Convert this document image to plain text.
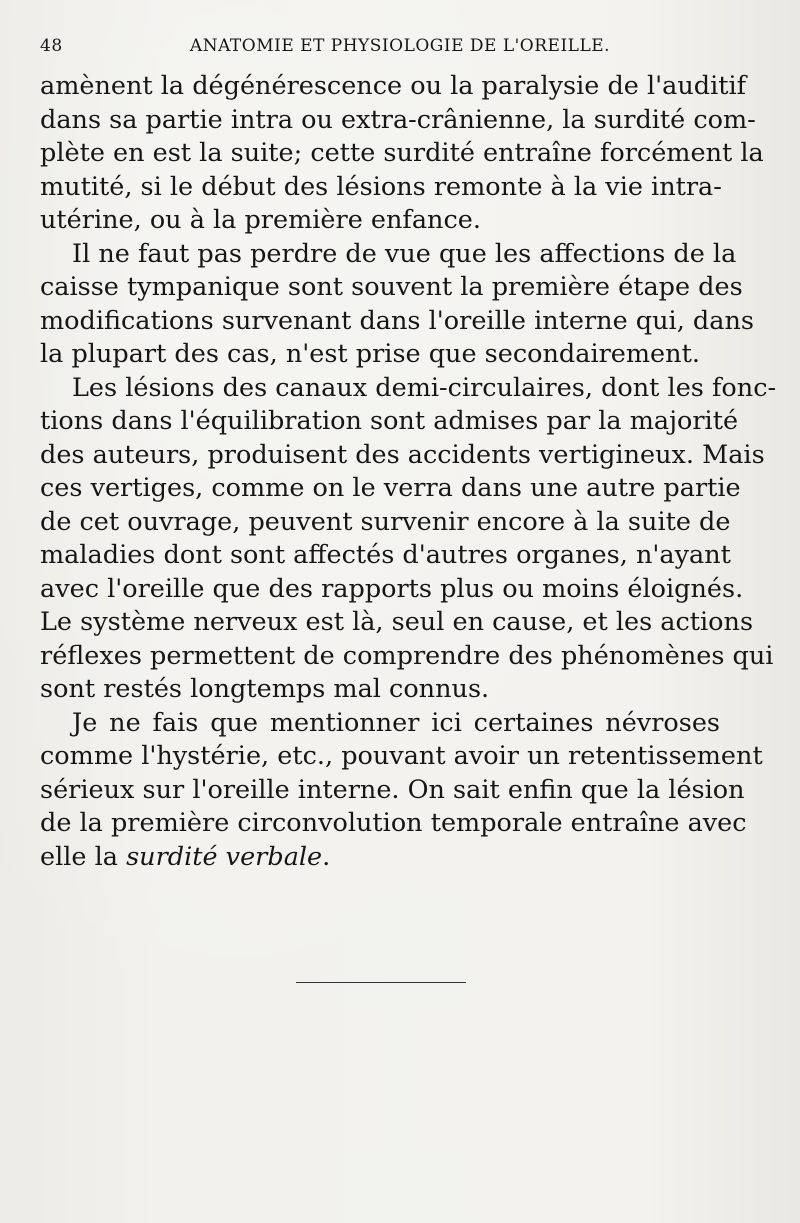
48	ANATOMIE ET PHYSIOLOGIE DE L'OREILLE.

amènent la dégénérescence ou la paralysie de l'auditif
dans sa partie intra ou extra-crânienne, la surdité com-
plète en est la suite; cette surdité entraîne forcément la
mutité, si le début des lésions remonte à la vie intra-
utérine, ou à la première enfance.

Il ne faut pas perdre de vue que les affections de la
caisse tympanique sont souvent la première étape des
modifications survenant dans l'oreille interne qui, dans
la plupart des cas, n'est prise que secondairement.

Les lésions des canaux demi-circulaires, dont les fonc-
tions dans l'équilibration sont admises par la majorité
des auteurs, produisent des accidents vertigineux. Mais
ces vertiges, comme on le verra dans une autre partie
de cet ouvrage, peuvent survenir encore à la suite de
maladies dont sont affectés d'autres organes, n'ayant
avec l'oreille que des rapports plus ou moins éloignés.
Le système nerveux est là, seul en cause, et les actions
réflexes permettent de comprendre des phénomènes qui
sont restés longtemps mal connus.

Je ne fais que mentionner ici certaines névroses
comme l'hystérie, etc., pouvant avoir un retentissement
sérieux sur l'oreille interne. On sait enfin que la lésion
de la première circonvolution temporale entraîne avec
elle la surdité verbale.
